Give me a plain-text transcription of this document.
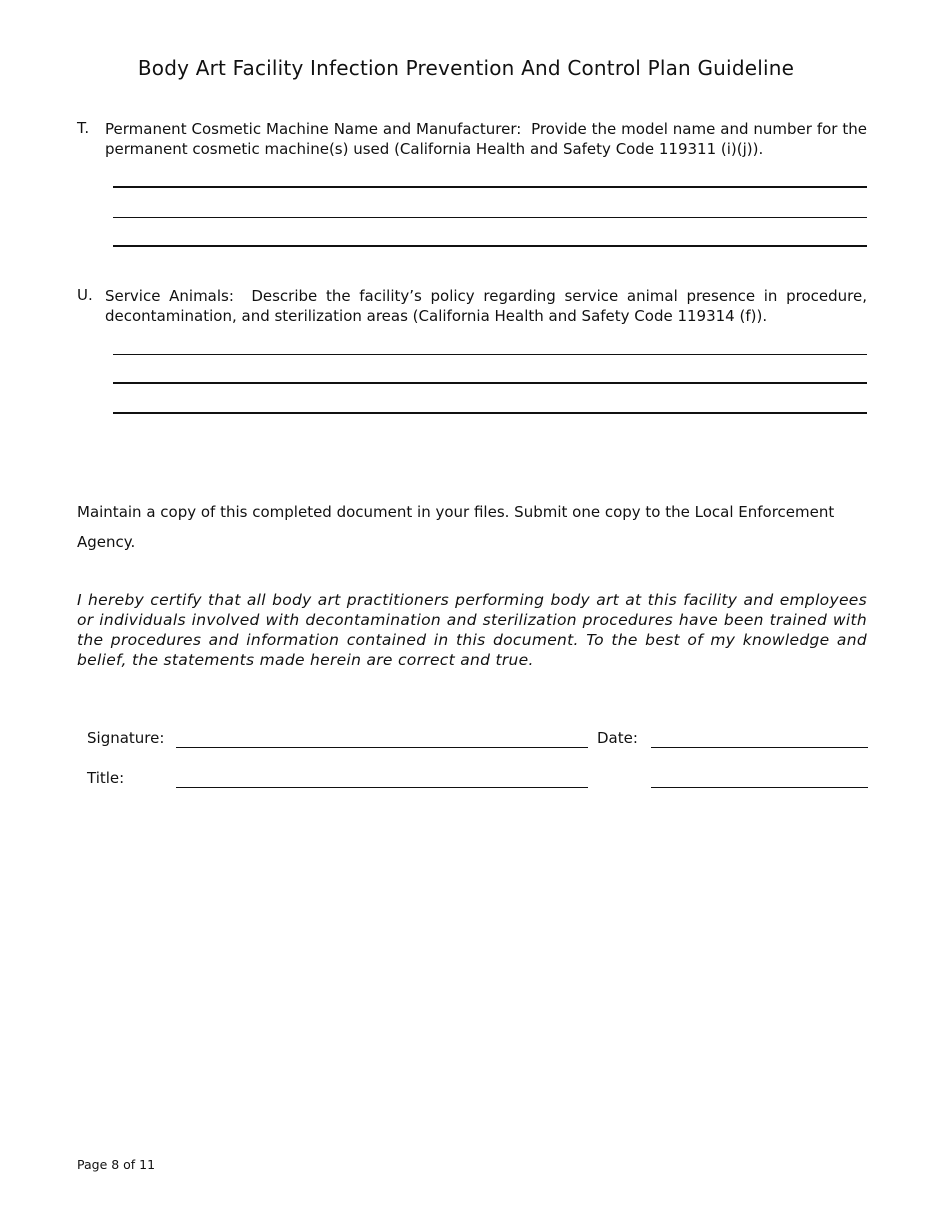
Body Art Facility Infection Prevention And Control Plan Guideline
T. Permanent Cosmetic Machine Name and Manufacturer: Provide the model name and number for the permanent cosmetic machine(s) used (California Health and Safety Code 119311 (i)(j)).
U. Service Animals: Describe the facility’s policy regarding service animal presence in procedure, decontamination, and sterilization areas (California Health and Safety Code 119314 (f)).
Maintain a copy of this completed document in your files. Submit one copy to the Local Enforcement Agency.
I hereby certify that all body art practitioners performing body art at this facility and employees or individuals involved with decontamination and sterilization procedures have been trained with the procedures and information contained in this document. To the best of my knowledge and belief, the statements made herein are correct and true.
Signature:	Date:
Title:
Page 8 of 11
